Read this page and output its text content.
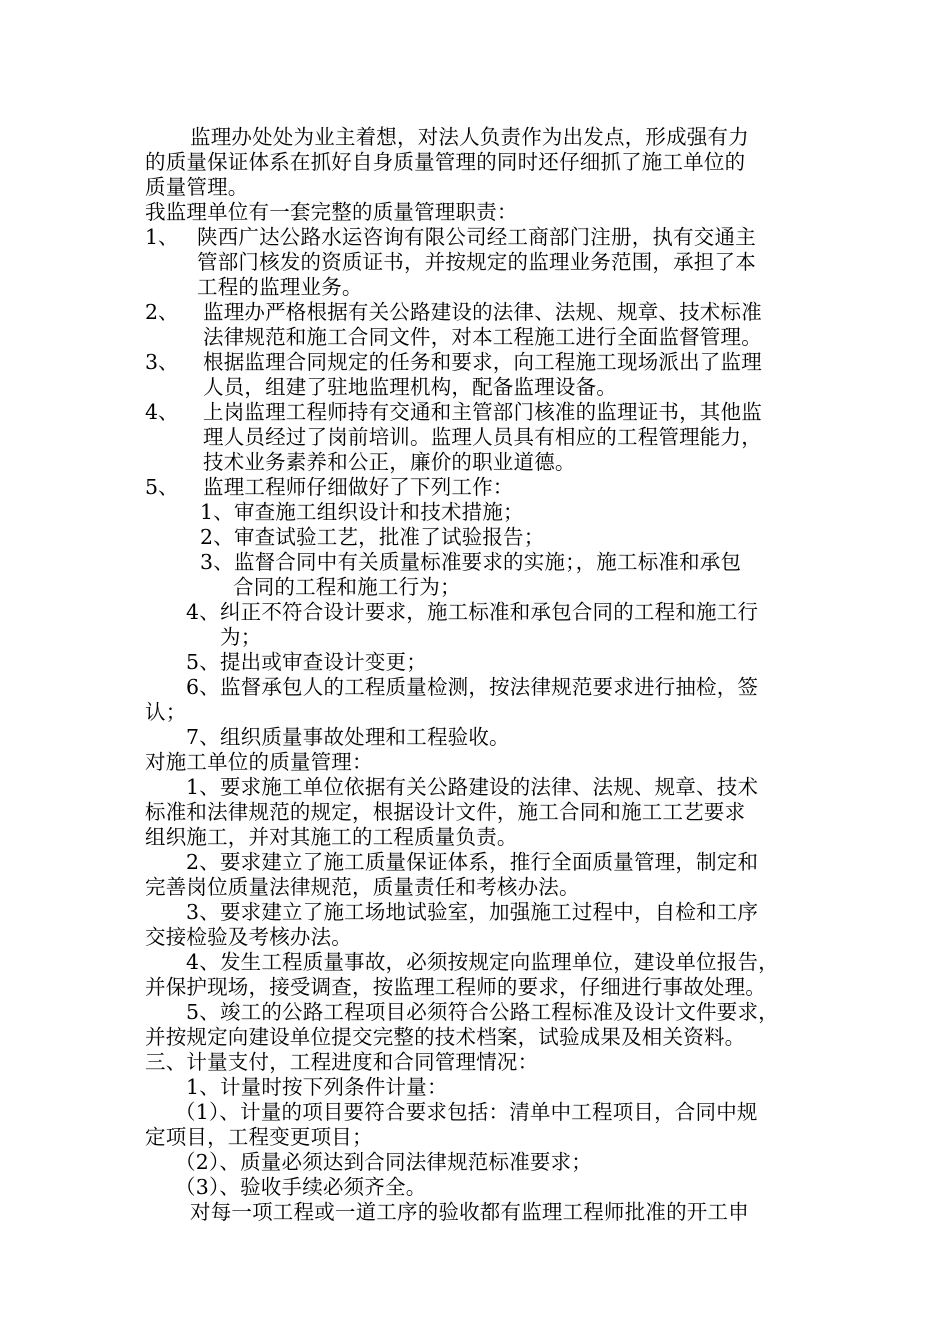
监理办处处为业主着想，对法人负责作为出发点，形成强有力
的质量保证体系在抓好自身质量管理的同时还仔细抓了施工单位的
质量管理。
我监理单位有一套完整的质量管理职责：
1、 陕西广达公路水运咨询有限公司经工商部门注册，执有交通主
管部门核发的资质证书，并按规定的监理业务范围，承担了本
工程的监理业务。
2、 监理办严格根据有关公路建设的法律、法规、规章、技术标准
法律规范和施工合同文件，对本工程施工进行全面监督管理。
3、 根据监理合同规定的任务和要求，向工程施工现场派出了监理
人员，组建了驻地监理机构，配备监理设备。
4、 上岗监理工程师持有交通和主管部门核准的监理证书，其他监
理人员经过了岗前培训。监理人员具有相应的工程管理能力，
技术业务素养和公正，廉价的职业道德。
5、 监理工程师仔细做好了下列工作：
1、审查施工组织设计和技术措施；
2、审查试验工艺，批准了试验报告；
3、监督合同中有关质量标准要求的实施；，施工标准和承包
合同的工程和施工行为；
4、纠正不符合设计要求，施工标准和承包合同的工程和施工行
为；
5、提出或审查设计变更；
6、监督承包人的工程质量检测，按法律规范要求进行抽检，签
认；
7、组织质量事故处理和工程验收。
对施工单位的质量管理：
1、要求施工单位依据有关公路建设的法律、法规、规章、技术
标准和法律规范的规定，根据设计文件，施工合同和施工工艺要求
组织施工，并对其施工的工程质量负责。
2、要求建立了施工质量保证体系，推行全面质量管理，制定和
完善岗位质量法律规范，质量责任和考核办法。
3、要求建立了施工场地试验室，加强施工过程中，自检和工序
交接检验及考核办法。
4、发生工程质量事故，必须按规定向监理单位，建设单位报告，
并保护现场，接受调查，按监理工程师的要求，仔细进行事故处理。
5、竣工的公路工程项目必须符合公路工程标准及设计文件要求，
并按规定向建设单位提交完整的技术档案，试验成果及相关资料。
三、计量支付，工程进度和合同管理情况：
1、计量时按下列条件计量：
（1）、计量的项目要符合要求包括：清单中工程项目，合同中规
定项目，工程变更项目；
（2）、质量必须达到合同法律规范标准要求；
（3）、验收手续必须齐全。
对每一项工程或一道工序的验收都有监理工程师批准的开工申
